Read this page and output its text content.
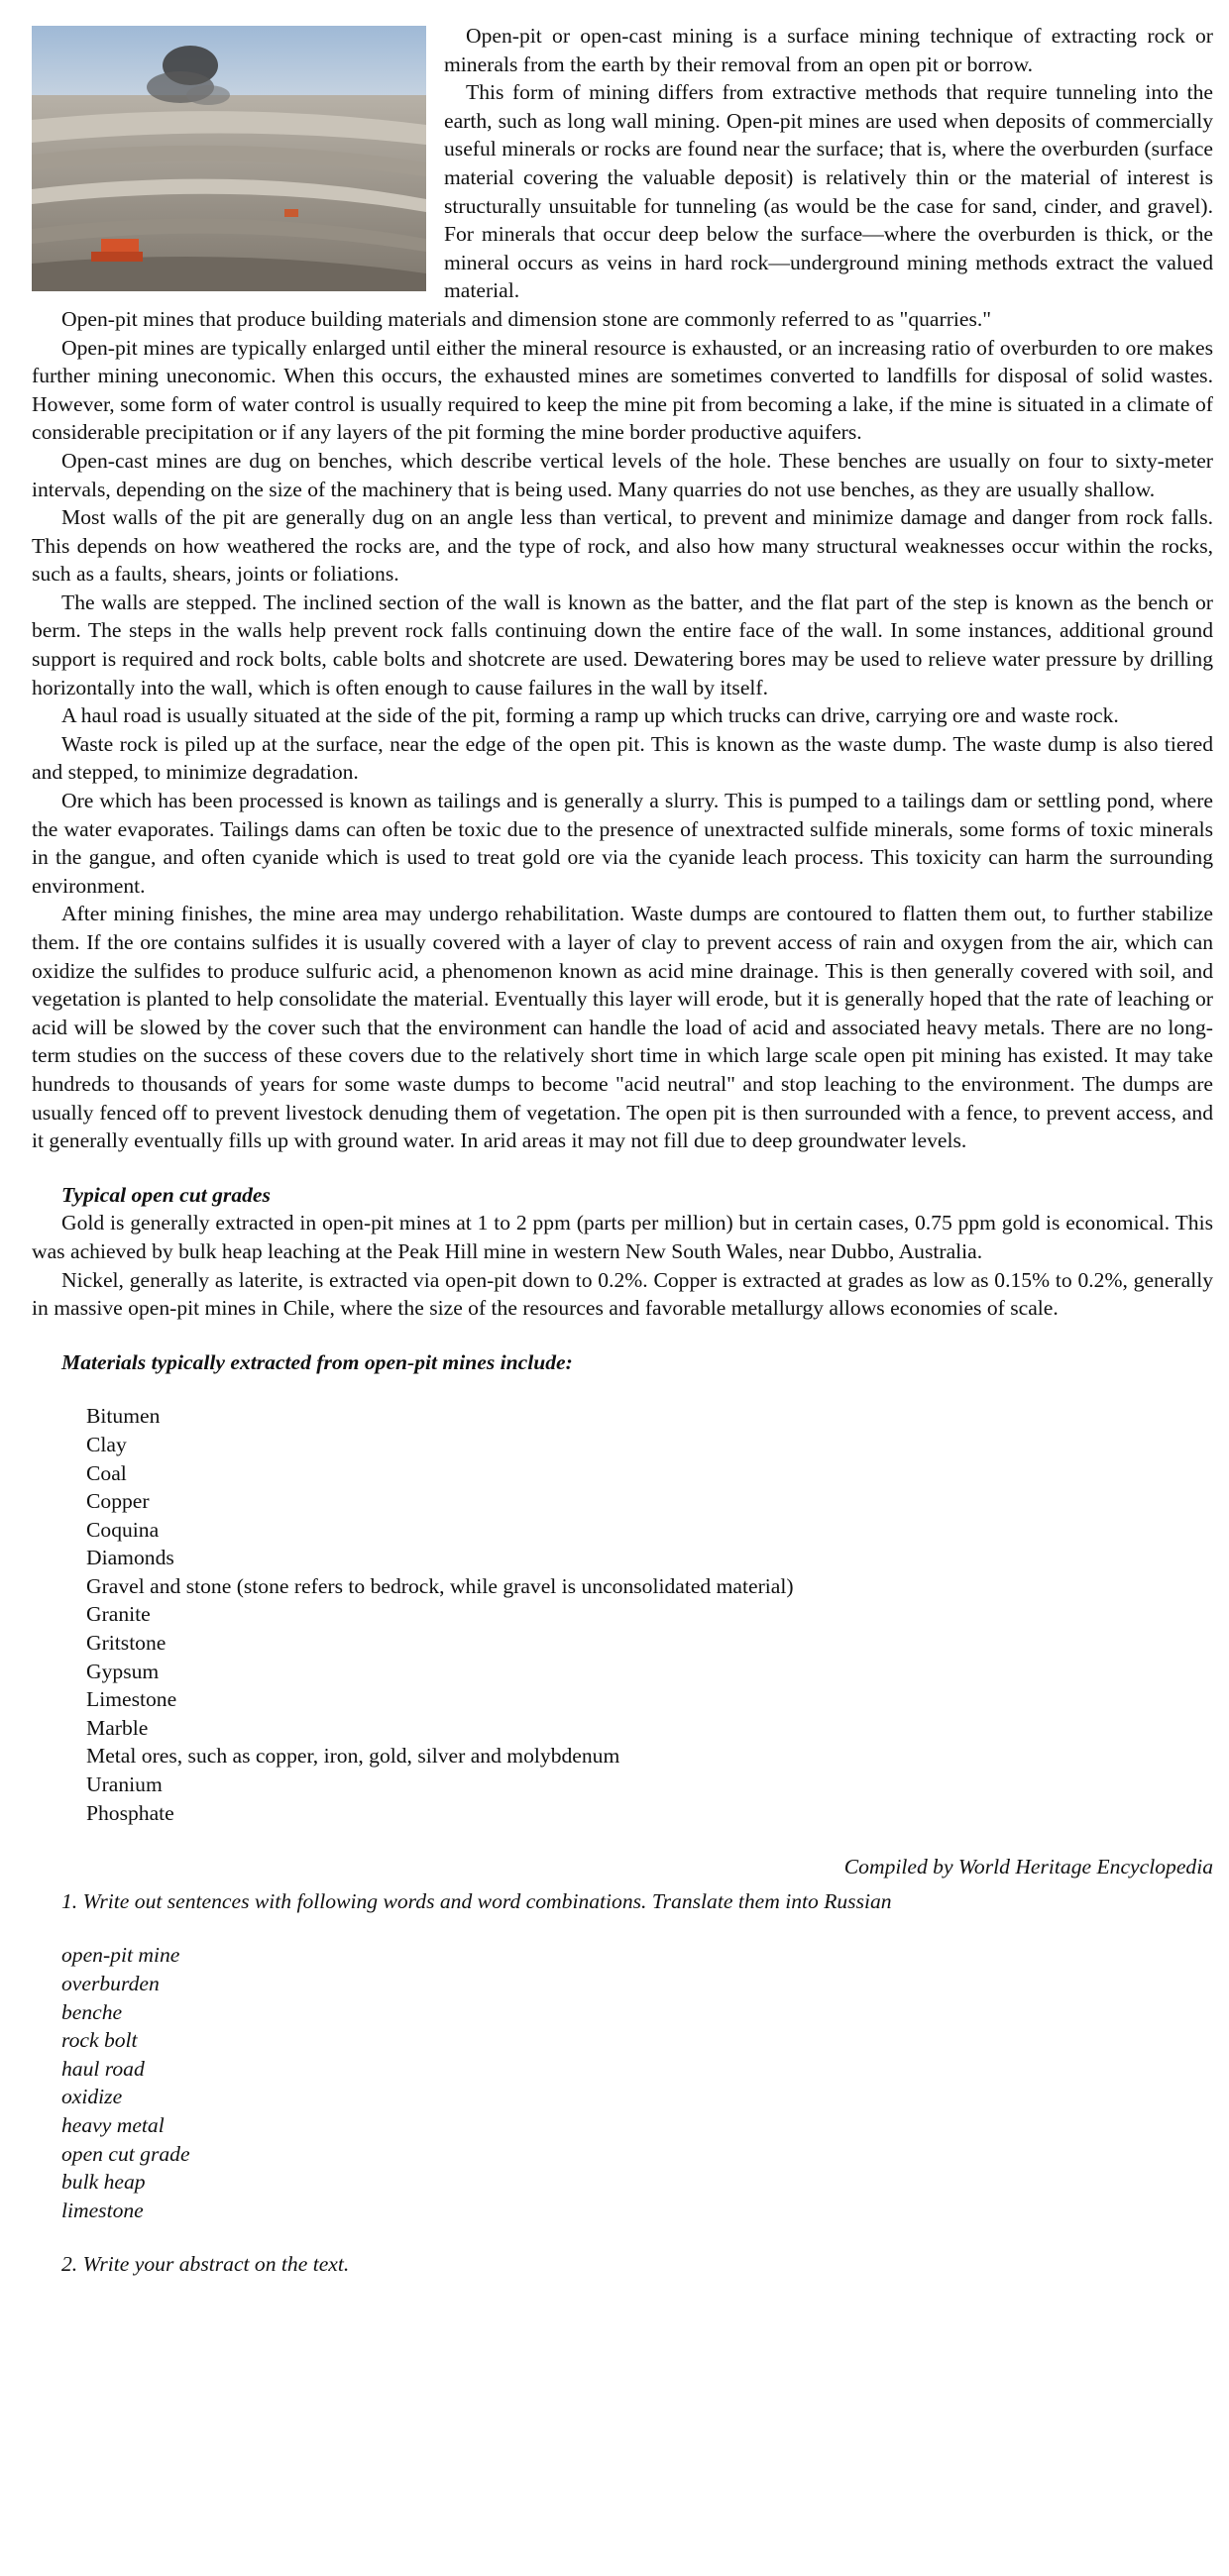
Open-pit or open-cast mining is a surface mining technique of extracting rock or minerals from the earth by their removal from an open pit or borrow.

This form of mining differs from extractive methods that require tunneling into the earth, such as long wall mining. Open-pit mines are used when deposits of commercially useful minerals or rocks are found near the surface; that is, where the overburden (surface material covering the valuable deposit) is relatively thin or the material of interest is structurally unsuitable for tunneling (as would be the case for sand, cinder, and gravel). For minerals that occur deep below the surface—where the overburden is thick, or the mineral occurs as veins in hard rock—underground mining methods extract the valued material.

Open-pit mines that produce building materials and dimension stone are commonly referred to as "quarries."

Open-pit mines are typically enlarged until either the mineral resource is exhausted, or an increasing ratio of overburden to ore makes further mining uneconomic. When this occurs, the exhausted mines are sometimes converted to landfills for disposal of solid wastes. However, some form of water control is usually required to keep the mine pit from becoming a lake, if the mine is situated in a climate of considerable precipitation or if any layers of the pit forming the mine border productive aquifers.

Open-cast mines are dug on benches, which describe vertical levels of the hole. These benches are usually on four to sixty-meter intervals, depending on the size of the machinery that is being used. Many quarries do not use benches, as they are usually shallow.

Most walls of the pit are generally dug on an angle less than vertical, to prevent and minimize damage and danger from rock falls. This depends on how weathered the rocks are, and the type of rock, and also how many structural weaknesses occur within the rocks, such as a faults, shears, joints or foliations.

The walls are stepped. The inclined section of the wall is known as the batter, and the flat part of the step is known as the bench or berm. The steps in the walls help prevent rock falls continuing down the entire face of the wall. In some instances, additional ground support is required and rock bolts, cable bolts and shotcrete are used. Dewatering bores may be used to relieve water pressure by drilling horizontally into the wall, which is often enough to cause failures in the wall by itself.

A haul road is usually situated at the side of the pit, forming a ramp up which trucks can drive, carrying ore and waste rock.

Waste rock is piled up at the surface, near the edge of the open pit. This is known as the waste dump. The waste dump is also tiered and stepped, to minimize degradation.

Ore which has been processed is known as tailings and is generally a slurry. This is pumped to a tailings dam or settling pond, where the water evaporates. Tailings dams can often be toxic due to the presence of unextracted sulfide minerals, some forms of toxic minerals in the gangue, and often cyanide which is used to treat gold ore via the cyanide leach process. This toxicity can harm the surrounding environment.

After mining finishes, the mine area may undergo rehabilitation. Waste dumps are contoured to flatten them out, to further stabilize them. If the ore contains sulfides it is usually covered with a layer of clay to prevent access of rain and oxygen from the air, which can oxidize the sulfides to produce sulfuric acid, a phenomenon known as acid mine drainage. This is then generally covered with soil, and vegetation is planted to help consolidate the material. Eventually this layer will erode, but it is generally hoped that the rate of leaching or acid will be slowed by the cover such that the environment can handle the load of acid and associated heavy metals. There are no long-term studies on the success of these covers due to the relatively short time in which large scale open pit mining has existed. It may take hundreds to thousands of years for some waste dumps to become "acid neutral" and stop leaching to the environment. The dumps are usually fenced off to prevent livestock denuding them of vegetation. The open pit is then surrounded with a fence, to prevent access, and it generally eventually fills up with ground water. In arid areas it may not fill due to deep groundwater levels.

Typical open cut grades

Gold is generally extracted in open-pit mines at 1 to 2 ppm (parts per million) but in certain cases, 0.75 ppm gold is economical. This was achieved by bulk heap leaching at the Peak Hill mine in western New South Wales, near Dubbo, Australia.

Nickel, generally as laterite, is extracted via open-pit down to 0.2%. Copper is extracted at grades as low as 0.15% to 0.2%, generally in massive open-pit mines in Chile, where the size of the resources and favorable metallurgy allows economies of scale.

Materials typically extracted from open-pit mines include:
Bitumen
Clay
Coal
Copper
Coquina
Diamonds
Gravel and stone (stone refers to bedrock, while gravel is unconsolidated material)
Granite
Gritstone
Gypsum
Limestone
Marble
Metal ores, such as copper, iron, gold, silver and molybdenum
Uranium
Phosphate
Compiled by World Heritage Encyclopedia
1. Write out sentences with following words and word combinations. Translate them into Russian
open-pit mine
overburden
benche
rock bolt
haul road
oxidize
heavy metal
open cut grade
bulk heap
limestone
2. Write your abstract on the text.
